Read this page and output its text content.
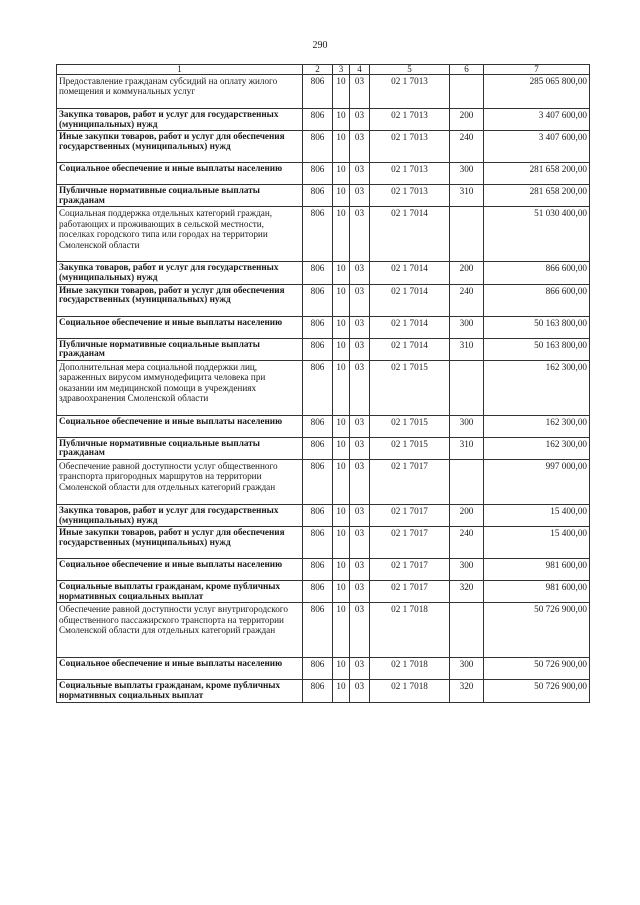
290
1	2	3	4	5	6	7
Предоставление гражданам субсидий на оплату жилого помещения и коммунальных услуг	806	10	03	02 1 7013		285 065 800,00
Закупка товаров, работ и услуг для государственных (муниципальных) нужд	806	10	03	02 1 7013	200	3 407 600,00
Иные закупки товаров, работ и услуг для обеспечения государственных (муниципальных) нужд	806	10	03	02 1 7013	240	3 407 600,00
Социальное обеспечение и иные выплаты населению	806	10	03	02 1 7013	300	281 658 200,00
Публичные нормативные социальные выплаты гражданам	806	10	03	02 1 7013	310	281 658 200,00
Социальная поддержка отдельных категорий граждан, работающих и проживающих в сельской местности, поселках городского типа или городах на территории Смоленской области	806	10	03	02 1 7014		51 030 400,00
Закупка товаров, работ и услуг для государственных (муниципальных) нужд	806	10	03	02 1 7014	200	866 600,00
Иные закупки товаров, работ и услуг для обеспечения государственных (муниципальных) нужд	806	10	03	02 1 7014	240	866 600,00
Социальное обеспечение и иные выплаты населению	806	10	03	02 1 7014	300	50 163 800,00
Публичные нормативные социальные выплаты гражданам	806	10	03	02 1 7014	310	50 163 800,00
Дополнительная мера социальной поддержки лиц, зараженных вирусом иммунодефицита человека при оказании им медицинской помощи в учреждениях здравоохранения Смоленской области	806	10	03	02 1 7015		162 300,00
Социальное обеспечение и иные выплаты населению	806	10	03	02 1 7015	300	162 300,00
Публичные нормативные социальные выплаты гражданам	806	10	03	02 1 7015	310	162 300,00
Обеспечение равной доступности услуг общественного транспорта пригородных маршрутов на территории Смоленской области для отдельных категорий граждан	806	10	03	02 1 7017		997 000,00
Закупка товаров, работ и услуг для государственных (муниципальных) нужд	806	10	03	02 1 7017	200	15 400,00
Иные закупки товаров, работ и услуг для обеспечения государственных (муниципальных) нужд	806	10	03	02 1 7017	240	15 400,00
Социальное обеспечение и иные выплаты населению	806	10	03	02 1 7017	300	981 600,00
Социальные выплаты гражданам, кроме публичных нормативных социальных выплат	806	10	03	02 1 7017	320	981 600,00
Обеспечение равной доступности услуг внутригородского общественного пассажирского транспорта на территории Смоленской области для отдельных категорий граждан	806	10	03	02 1 7018		50 726 900,00
Социальное обеспечение и иные выплаты населению	806	10	03	02 1 7018	300	50 726 900,00
Социальные выплаты гражданам, кроме публичных нормативных социальных выплат	806	10	03	02 1 7018	320	50 726 900,00
